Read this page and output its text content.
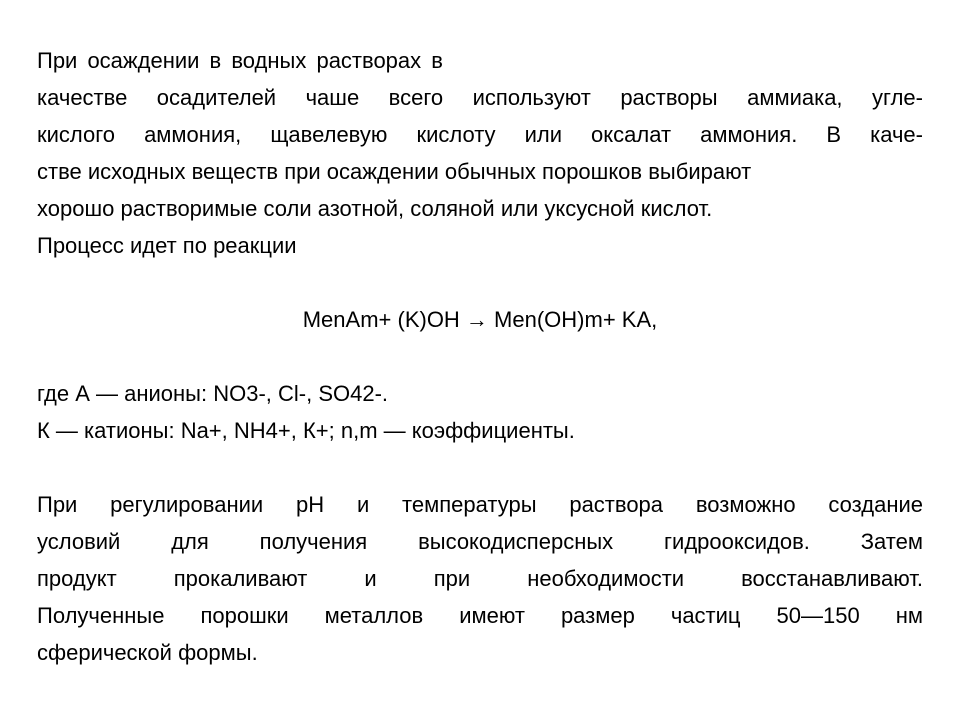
При осаждении в водных растворах в
качестве осадителей чаше всего используют растворы аммиака, угле-
кислого аммония, щавелевую кислоту или оксалат аммония. В каче-
стве исходных веществ при осаждении обычных порошков выбирают
хорошо растворимые соли азотной, соляной или уксусной кислот.
Процесс идет по реакции
MenAm+ (K)OH → Men(OH)m+ KA,
где А — анионы: NO3-, Cl-, SO42-.
К — катионы: Na+, NH4+, К+; n,m — коэффициенты.
При регулировании pH и температуры раствора возможно создание
условий для получения высокодисперсных гидрооксидов. Затем
продукт прокаливают и при необходимости восстанавливают.
Полученные порошки металлов имеют размер частиц 50—150 нм
сферической формы.
